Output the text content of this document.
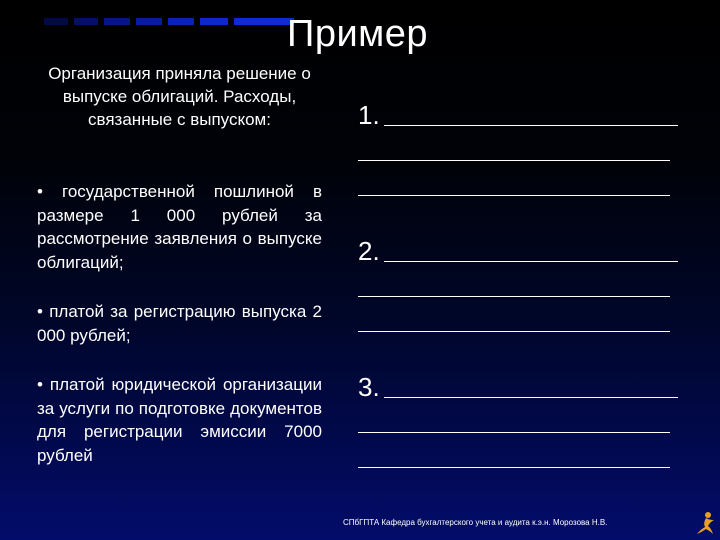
Пример
Организация приняла решение о выпуске облигаций. Расходы, связанные с выпуском:
• государственной пошлиной в размере 1 000 рублей за рассмотрение заявления о выпуске облигаций;
• платой за регистрацию выпуска 2 000 рублей;
• платой юридической организации за услуги по подготовке документов для регистрации эмиссии 7000 рублей
1.
2.
3.
СПбГПТА Кафедра бухгалтерского учета и аудита к.э.н. Морозова Н.В.
